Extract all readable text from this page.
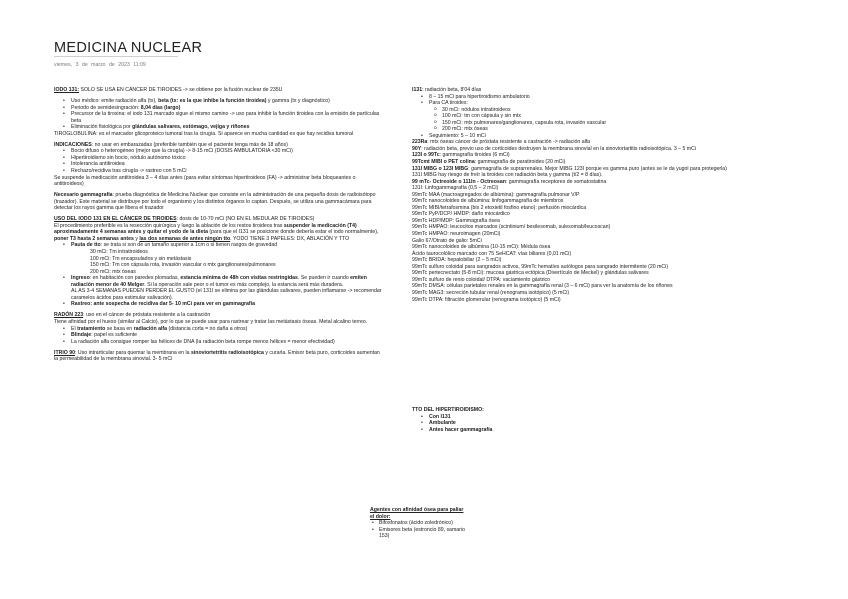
MEDICINA NUCLEAR
viernes, 3 de marzo de 2023 11:09

IODO 131: SOLO SE USA EN CÁNCER DE TIROIDES -> se obtiene por la fusión nuclear de 235U

• Uso médico: emite radiación alfa (tx), beta (tx: es la que inhibe la función tiroidea) y gamma (tx y diagnóstico)
• Periodo de semidesingración: 8,04 días (largo)
• Precursor de la tiroxina: el iodo 131 marcado sigue el mismo camino -> uso para inhibir la función tiroidea con la emisión de partículas beta
• Eliminación fisiológica por glándulas salivares, estómago, vejiga y riñones

TIROGLOBULINA: es el marcador glicoproteico tumoral tras la cirugía. Si aparece en mucha cantidad es que hay recidiva tumoral

INDICACIONES: no usar en embarazadas (preferible también que el paciente tenga más de 18 años)

• Bocio difuso o heterogéneo (mejor que la cirugía) -> 8-15 mCi (DOSIS AMBULATORIA <30 mCi)
• Hipertiroidismo sin bocio, nódulo autónomo tóxico
• Intolerancia antitiroidea
• Rechazo/recidiva tras cirugía -> rastreo con 5 mCi

Se suspende la medicación antitiroidea 3 – 4 días antes (para evitar síntomas hipertiroideos (FA) -> administrar beta bloqueantes o antitiroideos)

Necesario gammagrafía: prueba diagnóstica de Medicina Nuclear que consiste en la administración de una pequeña dosis de radioisótopo (trazador). Este material se distribuye por todo el organismo y los distintos órganos lo captan. Después, se utiliza una gammacámara para detectar los rayos gamma que libera el trazador

USO DEL IODO 131 EN EL CÁNCER DE TIROIDES: dosis de 10-70 mCi (NO EN EL MEDULAR DE TIROIDES)

El procedimiento preferible es la resección quirúrgica y luego la ablación de los restos tiroideos tras suspender la medicación (T4) aproximadamente 4 semanas antes y quitar el yodo de la dieta (para que el I131 se posicione donde debería estar el iodo normalmente), poner T3 hasta 2 semanas antes y las dos semanas de antes ningún tto. YODO TIENE 3 PAPELES: DX, ABLACIÓN Y TTO

• Pauta de tto: se trata si son de un tamaño superior a 1cm o si tienen rasgos de gravedad
30 mCi: Tm intratiroideos
100 mCi: Tm encapsulados y sin metástasis
150 mCi: Tm con cápsula rota, invasión vascular o mtx ganglionares/pulmonares
200 mCi: mtx óseas
• Ingreso: en habitación con paredes plomadas, estancia mínima de 48h con visitas restringidas. Se pueden ir cuando emiten radiación menor de 40 Melger. Si la operación sale peor o el tumor es más complejo, la estancia será más duradera.
AL AS 3-4 SEMANAS PUEDEN PERDER EL GUSTO (el 131I se elimina por las glándulas salivares, pueden inflamarse -> recomendar caramelos ácidos para estimular salivación).
• Rastreo: ante sospecha de recidiva dar 5- 10 mCi para ver en gammagrafía

RADÓN 223: uso en el cáncer de próstata resistente a la castración

Tiene afinidad por el hueso (similar al Calcio), por lo que se puede usar para rastrear y tratar las metástasis óseas. Metal alcalino terreo.

• El tratamiento se basa en radiación alfa (distancia corta = no daña a otros)
• Blindaje: papel es suficiente
• La radiación alfa consigue romper las hélices de DNA (la radiación beta rompe menos hélices = menor efectividad)

ITRIO 90: Uso intrarticular para quemar la membrana en la sinoviortetritis radioisotópica y curarla. Emisor beta puro, corticoides aumentan la permeabilidad de la membrana sinovial. 3- 5 mCi

I131: radiación beta, 8'04 días

• 8 – 15 mCi para hipertiroidismo ambulatorio
• Para CA tiroides:
o 30 mCi: nódulos intratiroideos
o 100 mCi: tm con cápsula y sin mtx
o 150 mCi: mtx pulmonares/ganglionares, capsula rota, invasión vascular
o 200 mCi: mtx óseas
• Seguimiento: 5 – 10 mCi

223Ra: mtx óseas cáncer de próstata resistente a castración -> radiación alfa

90Y: radiación beta, previo uso de corticoides destruyen la membrana sinovial en la sinoviortartitis radioisotópica. 3 – 5 mCi

123I o 99Tc: gammagrafía tiroides (6 mCi)

99Tcmt MIBI o PET colina: gammagrafía de paratiroides (20 mCi)

131I MIBG o 123I MIBG: gammagrafía de suprarrenales. Mejor MIBG 123I porque es gamma puro (antes se le da yugol para protegerla)

131I MIBG hay riesgo de freír la tiroides con radiación beta y gamma (t/2 = 8 días).

99 mTc- Octreoide o 111In - Octreosan: gammagrafía receptores de somatostatina

131I: Linfogammagrafía (0,5 – 2 mCi)

99mTc MAA (macroagregados de albúmina): gammagrafía pulmonar V/P

99mTc nanocoloides de albúmina: linfogammagrafía de miembros

99mTc MIBI/tetrafosmina (bis 2 etoxietil fosfino etano): perfusión miocárdica

99mTc PyP/DCP/ HMDP: daño miocárdico

99mTc HDP/MDP: Gammagrafía ósea

99mTc HMPAO: leucocitos marcados (scintinium/ besilesomab, sulesomab/leucoscan)

99mTc HMPAO: neuroimagen (20mCi)

Galio 67/Otrato de galio: 5mCi

99mTc nanocoloides de albúmina (10-15 mCi): Médula ósea

Ácido taurocolólico marcado con 75 SeHCAT: vías biliares (0,01 mCi)

99mTc BRIDA: hepatobiliar (2 – 5 mCi)

99mTc sulfuro coloidal para sangrados activos, 99mTc hematíes autólogos para sangrado intermitente (20 mCi)

99mTc pertecnectato (5-8 mCi): mucosa gástrica ectópica (Divertículo de Meckel) y glándulas salivares

99mTc sulfuro de renio coloidal/ DTPA: vaciamiento gástrico

99mTc DMSA: células parietales renales en la gammagrafía renal (3 – 6 mCi) para ver la anatomía de los riñones

99mTc MAG3: secreción tubular renal (renograma isotópico) (5 mCi)

99mTc DTPA: filtración glomerular (renograma isotópico) (5 mCi)

TTO DEL HIPERTIROIDISMO:

• Con I131
• Ambulante
• Antes hacer gammagrafía

Agentes con afinidad ósea para paliar el dolor:

• Bifosfonatos (ácido zoledrónico)
• Emisores beta (estroncio 89, samario 153)
